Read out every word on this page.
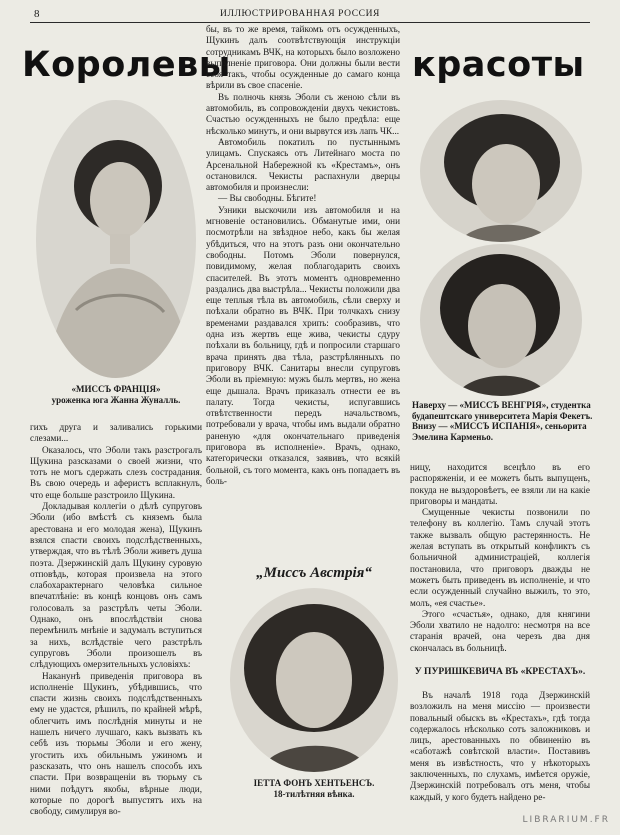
8	ИЛЛЮСТРИРОВАННАЯ РОССИЯ
Королевы	красоты
«МИССЪ ФРАНЦІЯ»
уроженка юга Жанна Жуналль.

бы, въ то же время, тайкомъ отъ осужденныхъ, Щукинъ далъ соотвѣтствующія инструкціи сотрудникамъ ВЧК, на которыхъ было возложено выполненіе приговора. Они должны были вести себя такъ, чтобы осужденные до самаго конца вѣрили въ свое спасеніе.

Въ полночь князь Эболи съ женою сѣли въ автомобиль, въ сопровожденіи двухъ чекистовъ. Счастью осужденныхъ не было предѣла: еще нѣсколько минутъ, и они вырвутся изъ лапъ ЧК...

Автомобиль покатилъ по пустыннымъ улицамъ. Спускаясь отъ Литейнаго моста по Арсенальной Набережной къ «Крестамъ», онъ остановился. Чекисты распахнули дверцы автомобиля и произнесли:

— Вы свободны. Бѣгите!

Узники выскочили изъ автомобиля и на мгновеніе остановились. Обманутые ими, они посмотрѣли на звѣздное небо, какъ бы желая убѣдиться, что на этотъ разъ они окончательно свободны. Потомъ Эболи повернулся, повидимому, желая поблагодарить своихъ спасителей. Въ этотъ моментъ одновременно раздались два выстрѣла... Чекисты положили два еще теплыя тѣла въ автомобиль, сѣли сверху и поѣхали обратно въ ВЧК. При толчкахъ снизу временами раздавался хрипъ: сообразивъ, что одна изъ жертвъ еще жива, чекисты сдуру поѣхали въ больницу, гдѣ и попросили старшаго врача принять два тѣла, разстрѣлянныхъ по приговору ВЧК. Санитары внесли супруговъ Эболи въ пріемную: мужъ былъ мертвъ, но жена еще дышала. Врачъ приказалъ отнести ее въ палату. Тогда чекисты, испугавшись отвѣтственности передъ начальствомъ, потребовали у врача, чтобы имъ выдали обратно раненую «для окончательнаго приведенія приговора въ исполненіе». Врачъ, однако, категорически отказался, заявивъ, что всякій больной, съ того момента, какъ онъ попадаетъ въ боль-

Наверху — «МИССЪ ВЕНГРІЯ», студентка будапештскаго университета Марія Фекетъ. Внизу — «МИССЪ ИСПАНІЯ», сеньорита Эмелина Карменьо.

гихъ друга и заливались горькими слезами...

Оказалось, что Эболи такъ разстрогалъ Щукина разсказами о своей жизни, что тотъ не могъ сдержать слезъ сострадания. Въ свою очередь и аферистъ всплакнулъ, что еще больше разстроило Щукина.

Докладывая коллегіи о дѣлѣ супруговъ Эболи (ибо вмѣстѣ съ княземъ была арестована и его молодая жена), Щукинъ взялся спасти своихъ подслѣдственныхъ, утверждая, что въ тѣлѣ Эболи живетъ душа поэта. Дзержинскій далъ Щукину суровую отповѣдь, которая произвела на этого слабохарактернаго человѣка сильное впечатлѣніе: въ концѣ концовъ онъ самъ голосовалъ за разстрѣлъ четы Эболи. Однако, онъ впослѣдствіи снова перемѣнилъ мнѣніе и задумалъ вступиться за нихъ, вслѣдствіе чего разстрѣлъ супруговъ Эболи произошелъ въ слѣдующихъ омерзительныхъ условіяхъ:

Наканунѣ приведенія приговора въ исполненіе Щукинъ, убѣдившись, что спасти жизнь своихъ подслѣдственныхъ ему не удастся, рѣшилъ, по крайней мѣрѣ, облегчить имъ послѣднія минуты и не нашелъ ничего лучшаго, какъ вызвать къ себѣ изъ тюрьмы Эболи и его жену, угостить ихъ обильнымъ ужиномъ и разсказать, что онъ нашелъ способъ ихъ спасти. При возвращеніи въ тюрьму съ ними поѣдутъ якобы, вѣрные люди, которые по дорогѣ выпустятъ ихъ на свободу, симулируя во-

„Миссъ Австрія“
ІЕТТА ФОНЪ ХЕНТЬЕНСЪ.
18-тилѣтняя вѣнка.

ницу, находится всецѣло въ его распоряженіи, и ее можетъ быть выпущенъ, покуда не выздоровѣетъ, ее взяли ли на какіе приговоры и мандаты.

Смущенные чекисты позвонили по телефону въ коллегію. Тамъ случай этотъ также вызвалъ общую растерянность. Не желая вступать въ открытый конфликтъ съ больничной администраціей, коллегія постановила, что приговоръ дважды не можетъ быть приведенъ въ исполненіе, и что если осужденный случайно выжилъ, то это, молъ, «ея счастье».

Этого «счастья», однако, для княгини Эболи хватило не надолго: несмотря на все старанія врачей, она черезъ два дня скончалась въ больницѣ.

У ПУРИШКЕВИЧА ВЪ «КРЕСТАХЪ».

Въ началѣ 1918 года Дзержинскій возложилъ на меня миссію — произвести повальный обыскъ въ «Крестахъ», гдѣ тогда содержалось нѣсколько сотъ заложниковъ и лицъ, арестованныхъ по обвиненію въ «саботажѣ совѣтской власти». Поставивъ меня въ извѣстность, что у нѣкоторыхъ заключенныхъ, по слухамъ, имѣется оружіе, Дзержинскій потребовалъ отъ меня, чтобы каждый, у кого будетъ найдено ре-

LIBRARIUM.FR
